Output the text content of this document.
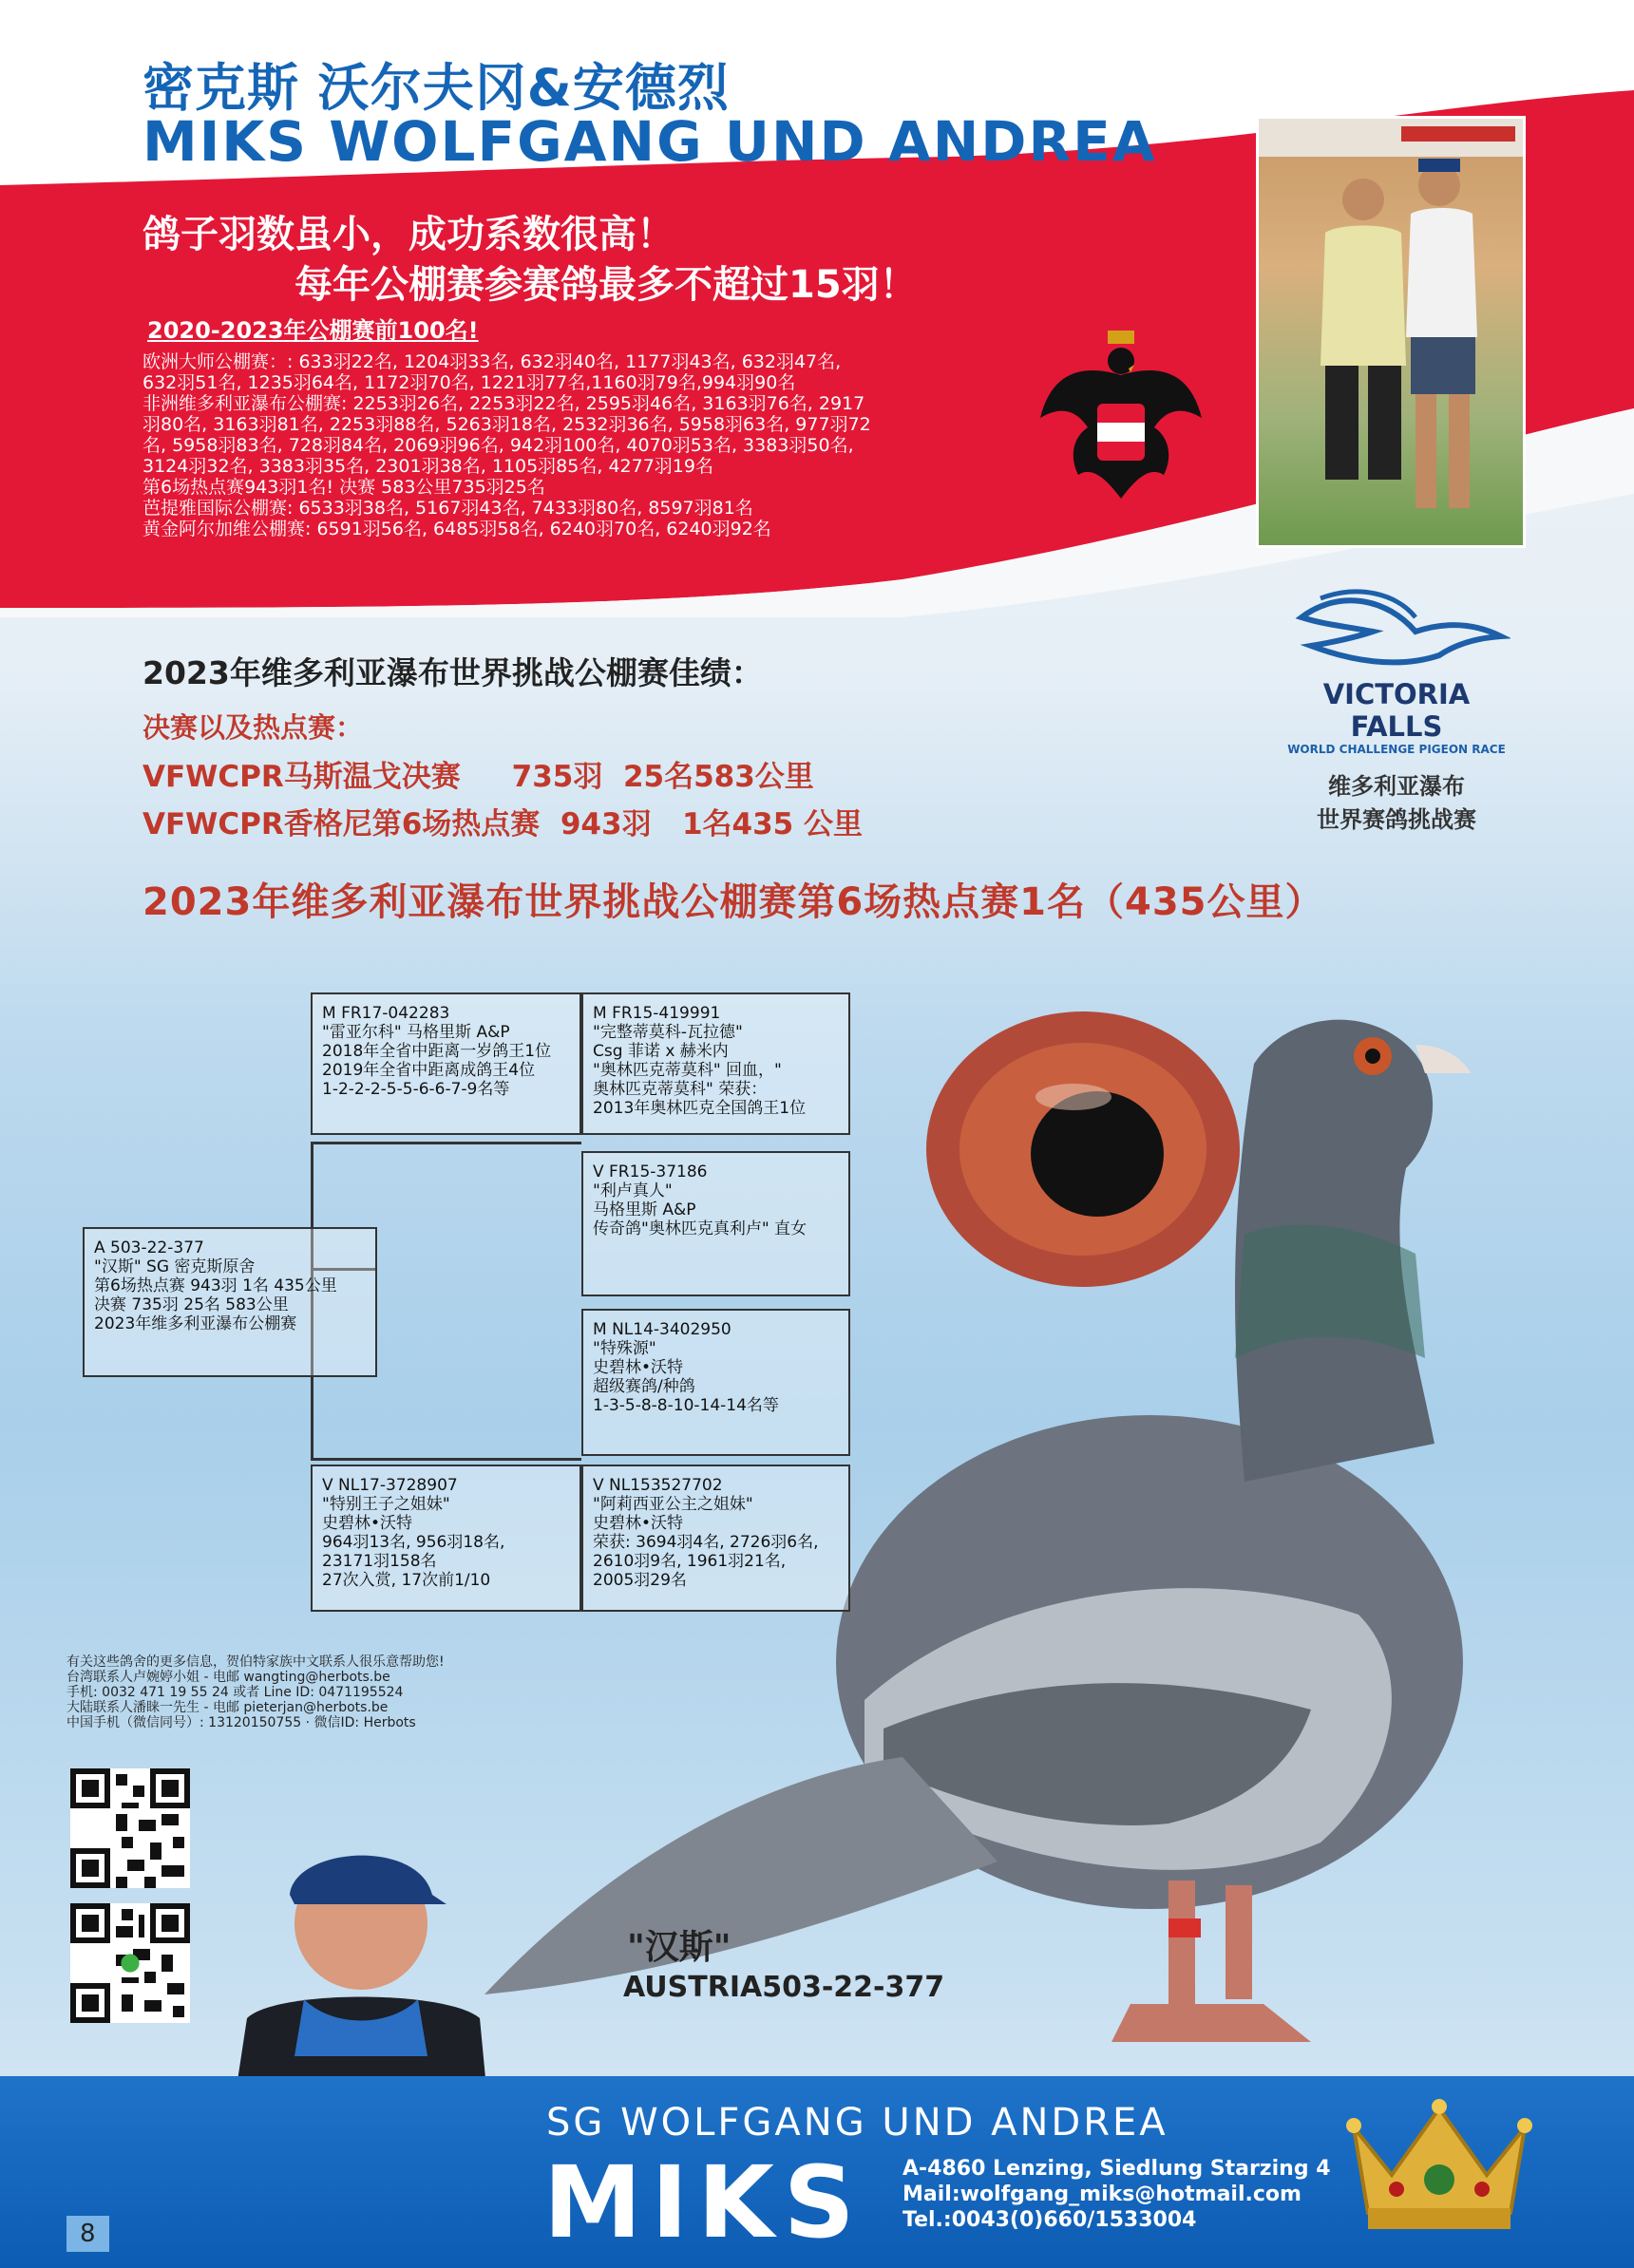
密克斯 沃尔夫冈&安德烈
MIKS WOLFGANG UND ANDREA
鸽子羽数虽小，成功系数很高！
每年公棚赛参赛鸽最多不超过15羽！
2020-2023年公棚赛前100名!
欧洲大师公棚赛：: 633羽22名, 1204羽33名, 632羽40名, 1177羽43名, 632羽47名,
632羽51名, 1235羽64名, 1172羽70名, 1221羽77名,1160羽79名,994羽90名
非洲维多利亚瀑布公棚赛: 2253羽26名, 2253羽22名, 2595羽46名, 3163羽76名, 2917
羽80名, 3163羽81名, 2253羽88名, 5263羽18名, 2532羽36名, 5958羽63名, 977羽72
名, 5958羽83名, 728羽84名, 2069羽96名, 942羽100名, 4070羽53名, 3383羽50名,
3124羽32名, 3383羽35名, 2301羽38名, 1105羽85名, 4277羽19名
第6场热点赛943羽1名! 决赛 583公里735羽25名
芭提雅国际公棚赛: 6533羽38名, 5167羽43名, 7433羽80名, 8597羽81名
黄金阿尔加维公棚赛: 6591羽56名, 6485羽58名, 6240羽70名, 6240羽92名
VICTORIA FALLS
WORLD CHALLENGE PIGEON RACE
维多利亚瀑布
世界赛鸽挑战赛
2023年维多利亚瀑布世界挑战公棚赛佳绩：
决赛以及热点赛：
VFWCPR马斯温戈决赛     735羽  25名583公里
VFWCPR香格尼第6场热点赛  943羽   1名435 公里
2023年维多利亚瀑布世界挑战公棚赛第6场热点赛1名（435公里）
M FR17-042283
"雷亚尔科" 马格里斯 A&P
2018年全省中距离一岁鸽王1位
2019年全省中距离成鸽王4位
1-2-2-2-5-5-6-6-7-9名等
M FR15-419991
"完整蒂莫科-瓦拉德"
Csg 菲诺 x 赫米内
"奥林匹克蒂莫科" 回血，"
奥林匹克蒂莫科" 荣获：
2013年奥林匹克全国鸽王1位
V FR15-37186
"利卢真人"
马格里斯 A&P
传奇鸽"奥林匹克真利卢" 直女
A 503-22-377
"汉斯" SG 密克斯原舍
第6场热点赛 943羽 1名 435公里
决赛 735羽 25名 583公里
2023年维多利亚瀑布公棚赛	M NL14-3402950
"特殊源"
史碧林•沃特
超级赛鸽/种鸽
1-3-5-8-8-10-14-14名等
V NL17-3728907
"特别王子之姐妹"
史碧林•沃特
964羽13名, 956羽18名,
23171羽158名
27次入赏, 17次前1/10
V NL153527702
"阿莉西亚公主之姐妹"
史碧林•沃特
荣获: 3694羽4名, 2726羽6名,
2610羽9名, 1961羽21名,
2005羽29名
有关这些鸽舍的更多信息，贺伯特家族中文联系人很乐意帮助您!
台湾联系人卢婉婷小姐 - 电邮 wangting@herbots.be
手机: 0032 471 19 55 24 或者 Line ID: 0471195524
大陆联系人潘睐一先生 - 电邮 pieterjan@herbots.be
中国手机（微信同号）: 13120150755 · 微信ID: Herbots
"汉斯"
AUSTRIA503-22-377
SG WOLFGANG UND ANDREA
MIKS A-4860 Lenzing, Siedlung Starzing 4
Mail:wolfgang_miks@hotmail.com
Tel.:0043(0)660/1533004
8
